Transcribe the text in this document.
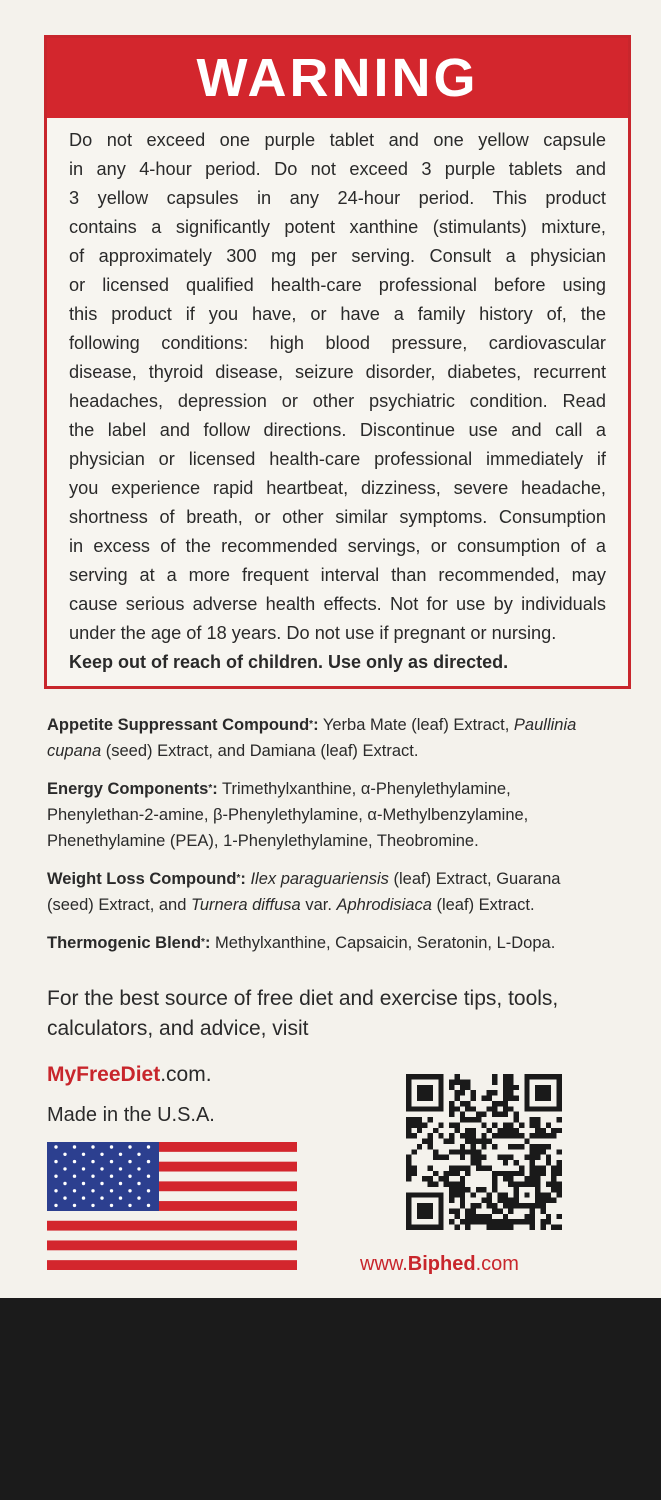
WARNING
Do not exceed one purple tablet and one yellow capsule
in any 4-hour period. Do not exceed 3 purple tablets and
3 yellow capsules in any 24-hour period. This product
contains a significantly potent xanthine (stimulants) mixture,
of approximately 300 mg per serving. Consult a physician
or licensed qualified health-care professional before using
this product if you have, or have a family history of, the
following conditions: high blood pressure, cardiovascular
disease, thyroid disease, seizure disorder, diabetes, recurrent
headaches, depression or other psychiatric condition. Read
the label and follow directions. Discontinue use and call a
physician or licensed health-care professional immediately if
you experience rapid heartbeat, dizziness, severe headache,
shortness of breath, or other similar symptoms. Consumption
in excess of the recommended servings, or consumption of a
serving at a more frequent interval than recommended, may
cause serious adverse health effects. Not for use by individuals
under the age of 18 years. Do not use if pregnant or nursing.
Keep out of reach of children. Use only as directed.
Appetite Suppressant Compound*: Yerba Mate (leaf) Extract, Paullinia
cupana (seed) Extract, and Damiana (leaf) Extract.
Energy Components*: Trimethylxanthine, α-Phenylethylamine,
Phenylethan-2-amine, β-Phenylethylamine, α-Methylbenzylamine,
Phenethylamine (PEA), 1-Phenylethylamine, Theobromine.
Weight Loss Compound*: Ilex paraguariensis (leaf) Extract, Guarana
(seed) Extract, and Turnera diffusa var. Aphrodisiaca (leaf) Extract.
Thermogenic Blend*: Methylxanthine, Capsaicin, Seratonin, L-Dopa.
For the best source of free diet and exercise tips, tools,
calculators, and advice, visit
MyFreeDiet.com.
Made in the U.S.A.
www.Biphed.com
